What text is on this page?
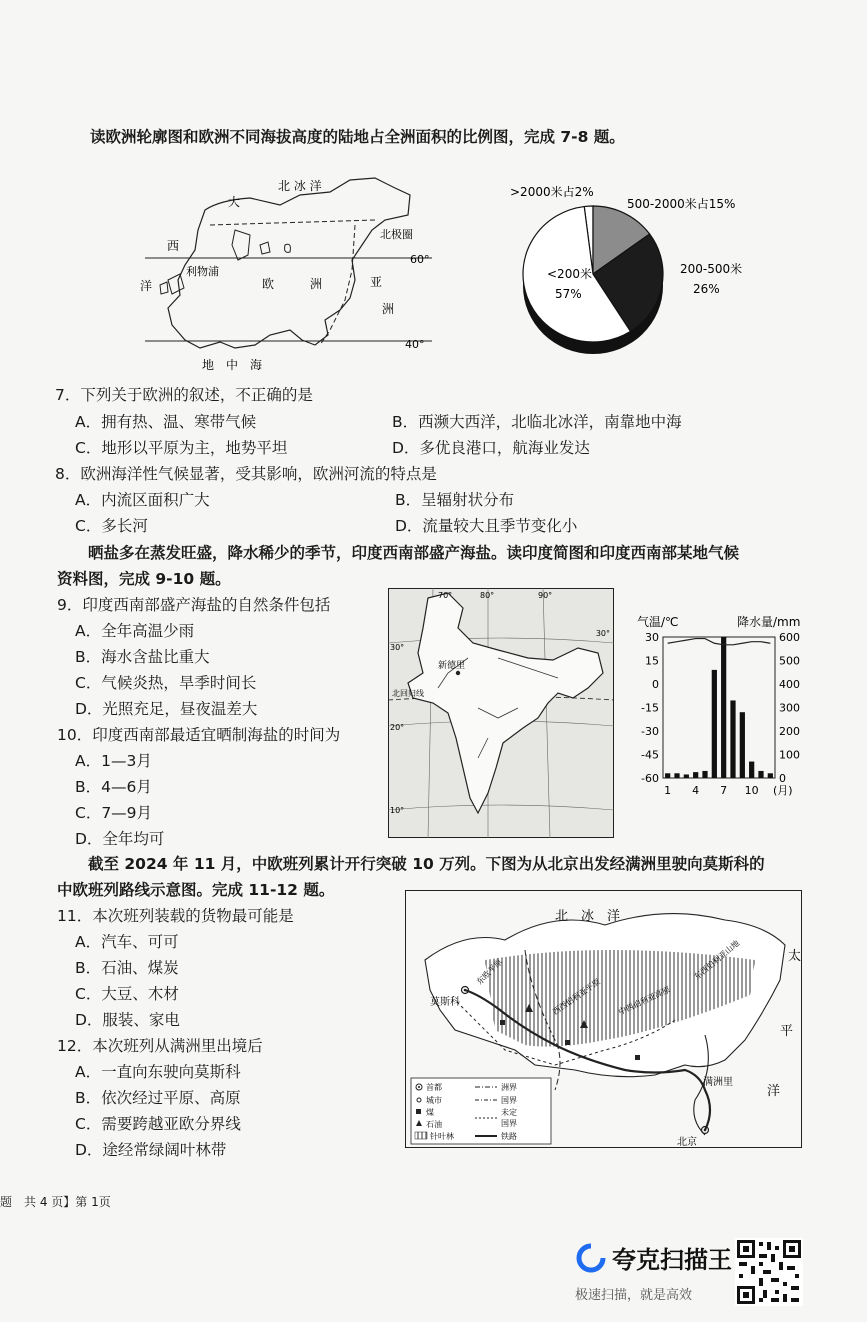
读欧洲轮廓图和欧洲不同海拔高度的陆地占全洲面积的比例图，完成 7-8 题。
北 冰 洋
大
西
洋
利物浦
欧　　　洲	亚
洲
北极圈
60°
40°
地　中　海
>2000米占2%
500-2000米占15%
200-500米
26%
<200米
57%
7．下列关于欧洲的叙述，不正确的是
A．拥有热、温、寒带气候	B．西濒大西洋，北临北冰洋，南靠地中海
C．地形以平原为主，地势平坦	D．多优良港口，航海业发达
8．欧洲海洋性气候显著，受其影响，欧洲河流的特点是
A．内流区面积广大	B．呈辐射状分布
C．多长河	D．流量较大且季节变化小
晒盐多在蒸发旺盛，降水稀少的季节，印度西南部盛产海盐。读印度简图和印度西南部某地气候
资料图，完成 9-10 题。
9．印度西南部盛产海盐的自然条件包括
A．全年高温少雨
B．海水含盐比重大
C．气候炎热，旱季时间长
D．光照充足，昼夜温差大
10．印度西南部最适宜晒制海盐的时间为
A．1—3月
B．4—6月
C．7—9月
D．全年均可
70°	80°	90°
30°
30°
20°
10°
新德里
北回归线
气温/℃	降水量/mm
30
15
0
-15
-30
-45
-60
600
500
400
300
200
100
0
1 4 7 10 (月)
截至 2024 年 11 月，中欧班列累计开行突破 10 万列。下图为从北京出发经满洲里驶向莫斯科的
中欧班列路线示意图。完成 11-12 题。
11．本次班列装载的货物最可能是
A．汽车、可可
B．石油、煤炭
C．大豆、木材
D．服装、家电
12．本次班列从满洲里出境后
A．一直向东驶向莫斯科
B．依次经过平原、高原
C．需要跨越亚欧分界线
D．途经常绿阔叶林带
北　冰　洋
太
平
洋
莫斯科
满洲里
北京
东欧平原
西西伯利亚平原 中西伯利亚高原
东西伯利亚山地
首都
城市
煤
石油
针叶林
洲界
国界
未定
国界
铁路
题　共 4 页】第 1页
夸克扫描王
极速扫描，就是高效
